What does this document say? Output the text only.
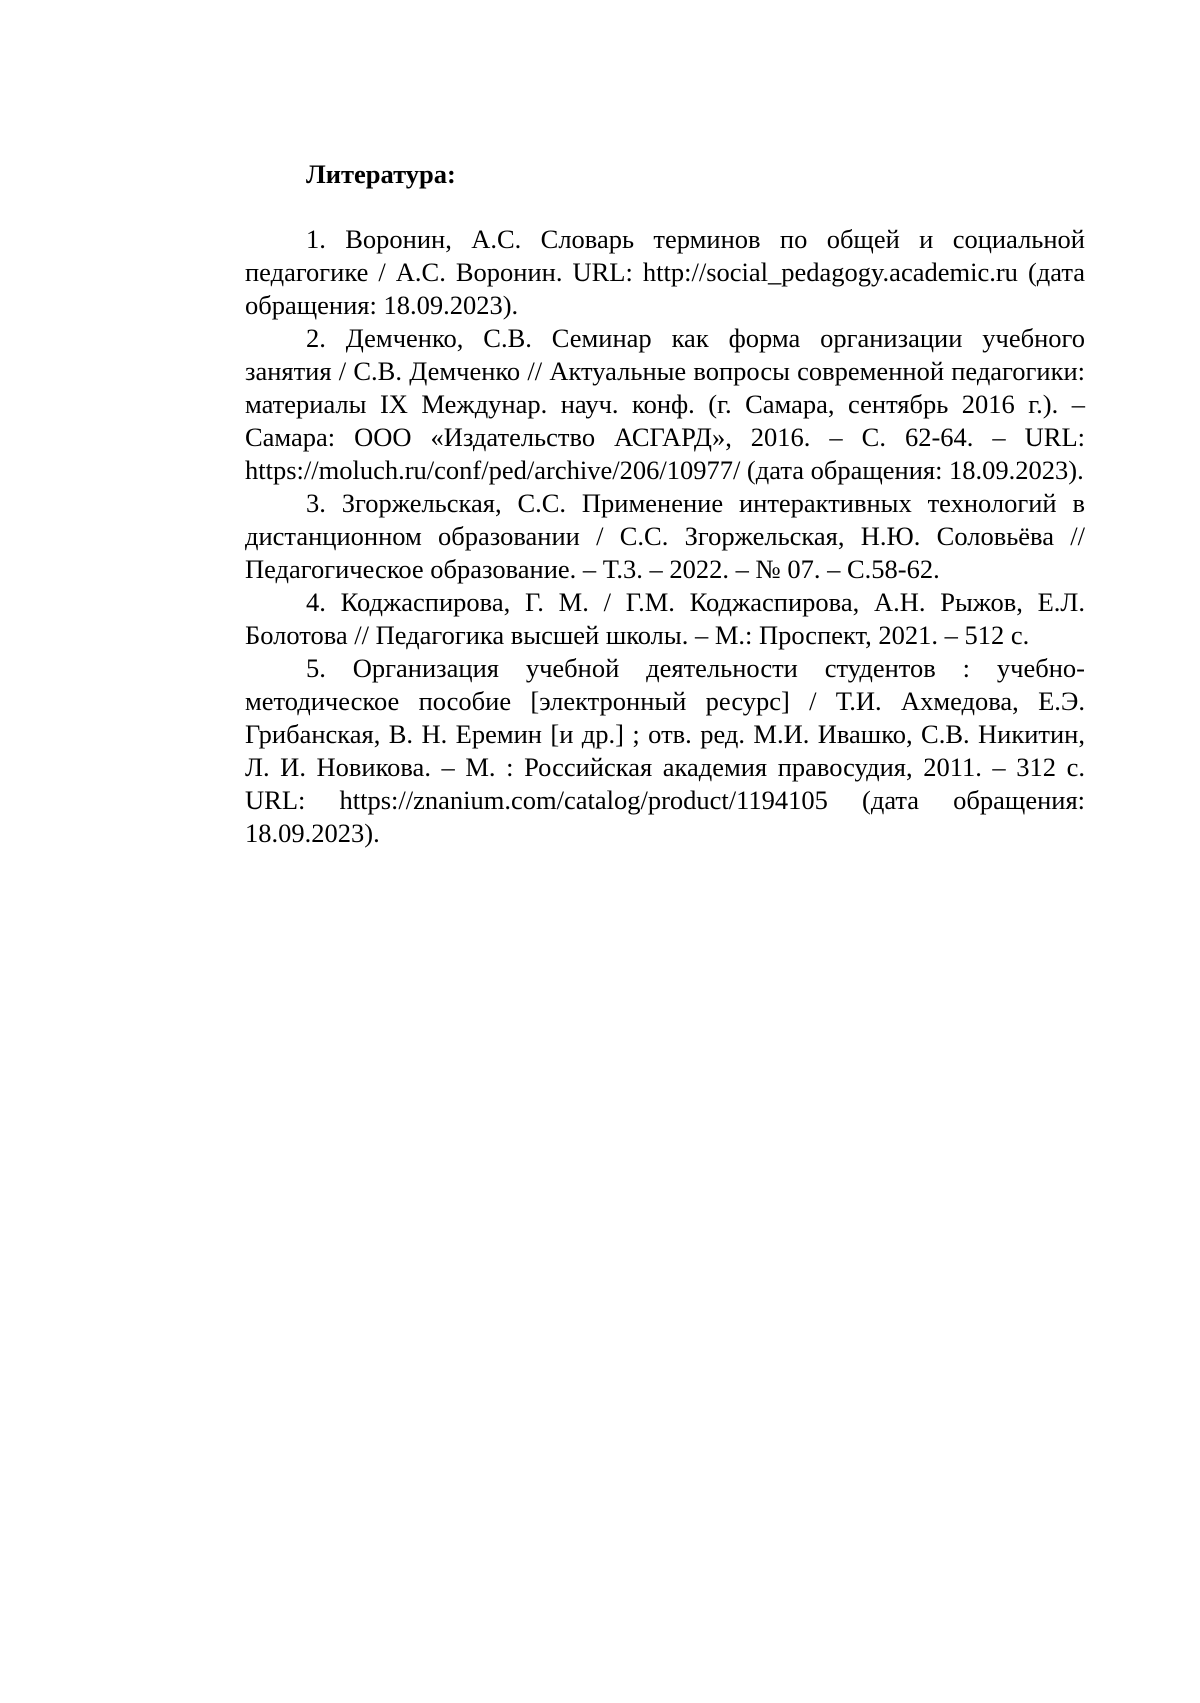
Литература:

1. Воронин, А.С. Словарь терминов по общей и социальной педагогике / А.С. Воронин. URL: http://social_pedagogy.academic.ru (дата обращения: 18.09.2023).

2. Демченко, С.В. Семинар как форма организации учебного занятия / С.В. Демченко // Актуальные вопросы современной педагогики: материалы IX Междунар. науч. конф. (г. Самара, сентябрь 2016 г.). – Самара: ООО «Издательство АСГАРД», 2016. – С. 62-64. – URL: https://moluch.ru/conf/ped/archive/206/10977/ (дата обращения: 18.09.2023).

3. Згоржельская, С.С. Применение интерактивных технологий в дистанционном образовании / С.С. Згоржельская, Н.Ю. Соловьёва // Педагогическое образование. – Т.3. – 2022. – № 07. – С.58-62.

4. Коджаспирова, Г. М. / Г.М. Коджаспирова, А.Н. Рыжов, Е.Л. Болотова // Педагогика высшей школы. – М.: Проспект, 2021. – 512 с.

5. Организация учебной деятельности студентов : учебно-методическое пособие [электронный ресурс] / Т.И. Ахмедова, Е.Э. Грибанская, В. Н. Еремин [и др.] ; отв. ред. М.И. Ивашко, С.В. Никитин, Л. И. Новикова. – М. : Российская академия правосудия, 2011. – 312 с. URL: https://znanium.com/catalog/product/1194105 (дата обращения: 18.09.2023).
